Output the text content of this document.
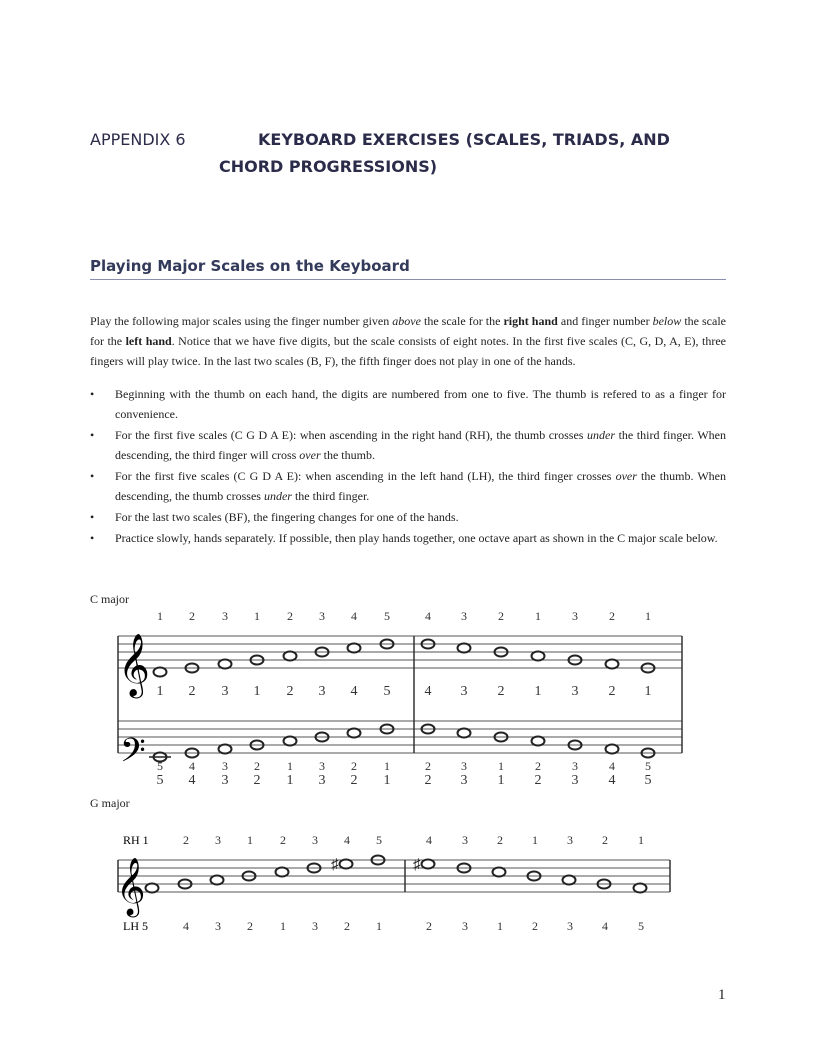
APPENDIX 6	KEYBOARD EXERCISES (SCALES, TRIADS, AND
CHORD PROGRESSIONS)
Playing Major Scales on the Keyboard
Play the following major scales using the finger number given above the scale for the right hand and finger number below the scale for the left hand. Notice that we have five digits, but the scale consists of eight notes. In the first five scales (C, G, D, A, E), three fingers will play twice. In the last two scales (B, F), the fifth finger does not play in one of the hands.
• Beginning with the thumb on each hand, the digits are numbered from one to five. The thumb is refered to as a finger for convenience.
• For the first five scales (C G D A E): when ascending in the right hand (RH), the thumb crosses under the third finger. When descending, the third finger will cross over the thumb.
• For the first five scales (C G D A E): when ascending in the left hand (LH), the third finger crosses over the thumb. When descending, the thumb crosses under the third finger.
• For the last two scales (BF), the fingering changes for one of the hands.
• Practice slowly, hands separately. If possible, then play hands together, one octave apart as shown in the C major scale below.
C major
1 2 3 1 2 3 4 5	4	3	2	1	3	2	1
1 2 3 1 2 3 4 5 4 3 2 1 3 2 1
5 4 3 2 1 3 2 1	2	3	1	2	3	4	5
5 4 3 2 1 3 2 1 2 3 1 2 3 4 5
𝄞
𝄢
G major
♯	♯
2 3 1 2 3 4 5	4	3 2 1 3 2	1
4 3 2 1 3 2 1	2	3 1 2 3 4	5
𝄞
RH 1
LH 5
1
